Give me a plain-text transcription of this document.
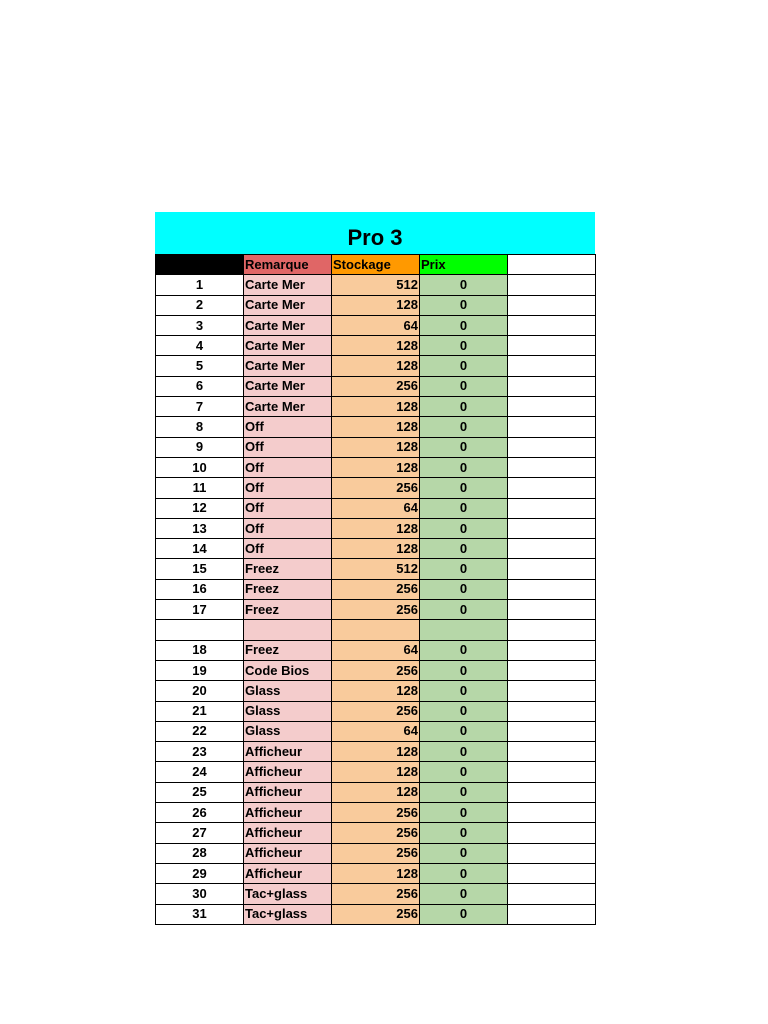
Pro 3
	Remarque	Stockage	Prix	
1	Carte Mer	512	0	
2	Carte Mer	128	0	
3	Carte Mer	64	0	
4	Carte Mer	128	0	
5	Carte Mer	128	0	
6	Carte Mer	256	0	
7	Carte Mer	128	0	
8	Off	128	0	
9	Off	128	0	
10	Off	128	0	
11	Off	256	0	
12	Off	64	0	
13	Off	128	0	
14	Off	128	0	
15	Freez	512	0	
16	Freez	256	0	
17	Freez	256	0	

18	Freez	64	0	
19	Code Bios	256	0	
20	Glass	128	0	
21	Glass	256	0	
22	Glass	64	0	
23	Afficheur	128	0	
24	Afficheur	128	0	
25	Afficheur	128	0	
26	Afficheur	256	0	
27	Afficheur	256	0	
28	Afficheur	256	0	
29	Afficheur	128	0	
30	Tac+glass	256	0	
31	Tac+glass	256	0	
